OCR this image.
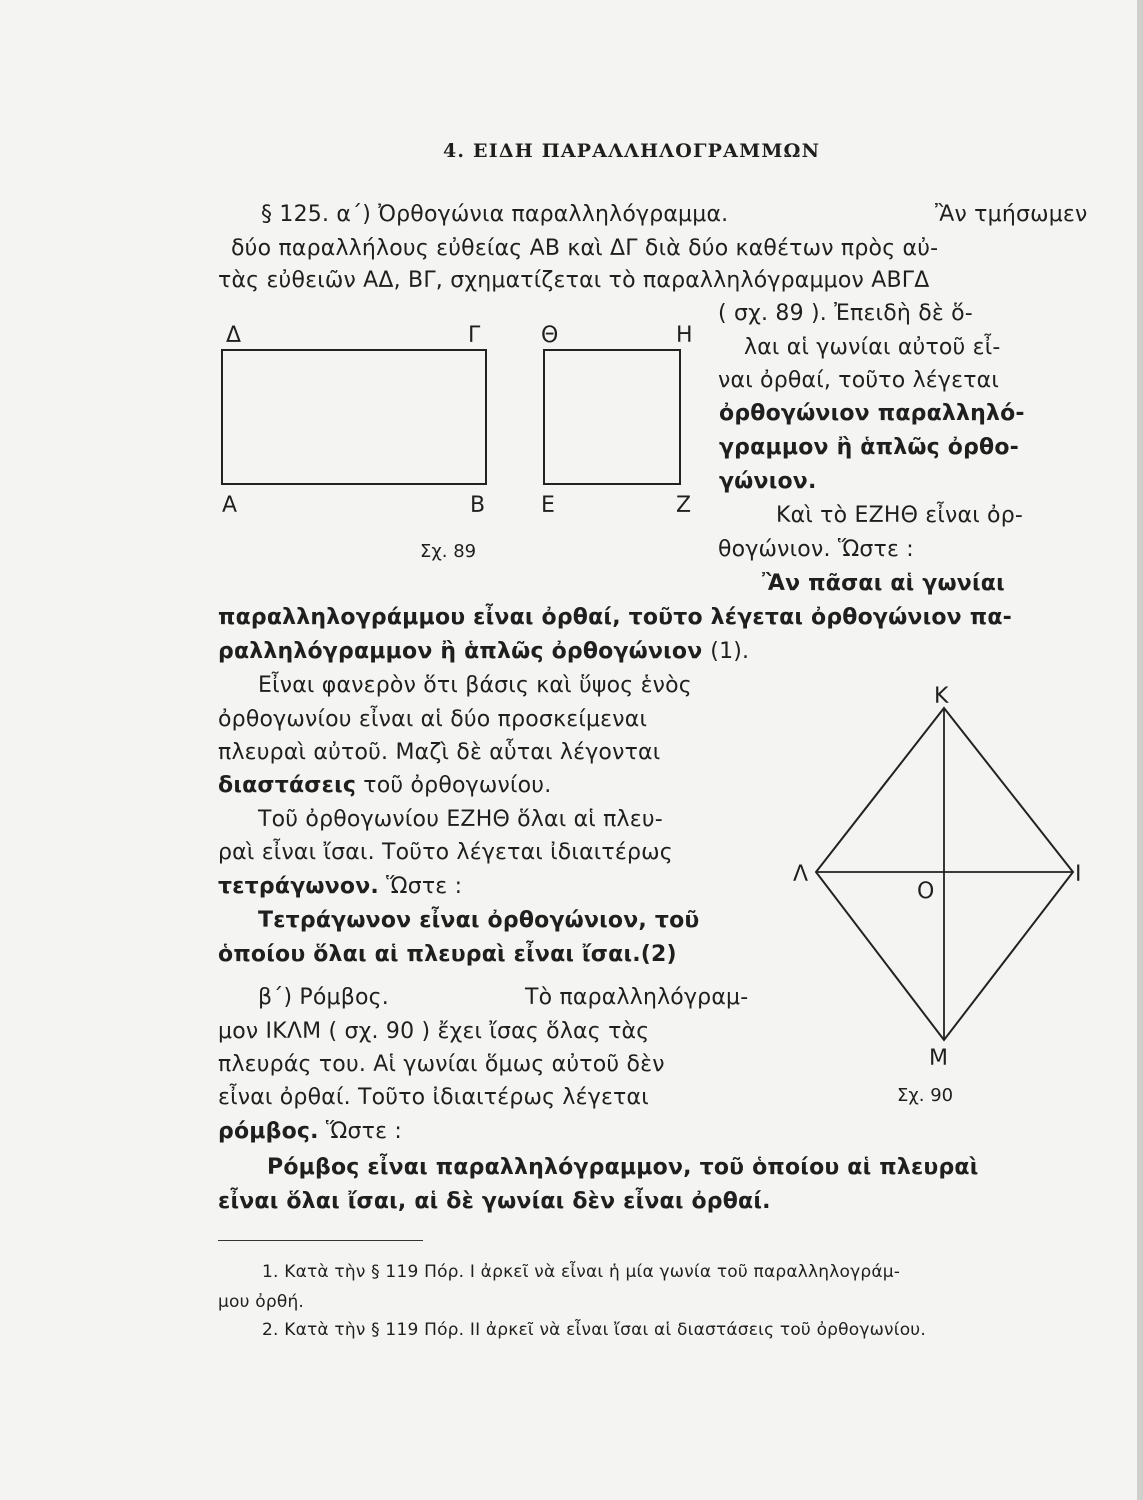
4. ΕΙΔΗ ΠΑΡΑΛΛΗΛΟΓΡΑΜΜΩΝ
§ 125. α΄) Ὀρθογώνια παραλληλόγραμμα.	Ἂν τμήσωμεν
δύο παραλλήλους εὐθείας ΑΒ καὶ ΔΓ διὰ δύο καθέτων πρὸς αὐ-
τὰς εὐθειῶν ΑΔ, ΒΓ, σχηματίζεται τὸ παραλληλόγραμμον ΑΒΓΔ
( σχ. 89 ). Ἐπειδὴ δὲ ὅ-
λαι αἱ γωνίαι αὐτοῦ εἶ-
ναι ὀρθαί, τοῦτο λέγεται
ὀρθογώνιον παραλληλό-
γραμμον ἢ ἁπλῶς ὀρθο-
γώνιον.
Καὶ τὸ ΕΖΗΘ εἶναι ὀρ-
θογώνιον. Ὥστε :
Ἂν πᾶσαι αἱ γωνίαι
παραλληλογράμμου εἶναι ὀρθαί, τοῦτο λέγεται ὀρθογώνιον πα-
ραλληλόγραμμον ἢ ἁπλῶς ὀρθογώνιον (1).
Εἶναι φανερὸν ὅτι βάσις καὶ ὕψος ἑνὸς
ὀρθογωνίου εἶναι αἱ δύο προσκείμεναι
πλευραὶ αὐτοῦ. Μαζὶ δὲ αὗται λέγονται
διαστάσεις τοῦ ὀρθογωνίου.
Τοῦ ὀρθογωνίου ΕΖΗΘ ὅλαι αἱ πλευ-
ραὶ εἶναι ἴσαι. Τοῦτο λέγεται ἰδιαιτέρως
τετράγωνον. Ὥστε :
Τετράγωνον εἶναι ὀρθογώνιον, τοῦ
ὁποίου ὅλαι αἱ πλευραὶ εἶναι ἴσαι.(2)
β΄) Ρόμβος.	Τὸ παραλληλόγραμ-
μον ΙΚΛΜ ( σχ. 90 ) ἔχει ἴσας ὅλας τὰς
πλευράς του. Αἱ γωνίαι ὅμως αὐτοῦ δὲν
εἶναι ὀρθαί. Τοῦτο ἰδιαιτέρως λέγεται
ρόμβος. Ὥστε :
Ρόμβος εἶναι παραλληλόγραμμον, τοῦ ὁποίου αἱ πλευραὶ
εἶναι ὅλαι ἴσαι, αἱ δὲ γωνίαι δὲν εἶναι ὀρθαί.
Δ	Γ
Α	Β
Θ	Η
Ε	Ζ
Σχ. 89
Κ
Λ	Ι
Ο
Μ
Σχ. 90
1. Κατὰ τὴν § 119 Πόρ. Ι ἀρκεῖ νὰ εἶναι ἡ μία γωνία τοῦ παραλληλογράμ-
μου ὀρθή.
2. Κατὰ τὴν § 119 Πόρ. ΙΙ ἀρκεῖ νὰ εἶναι ἴσαι αἱ διαστάσεις τοῦ ὀρθογωνίου.
